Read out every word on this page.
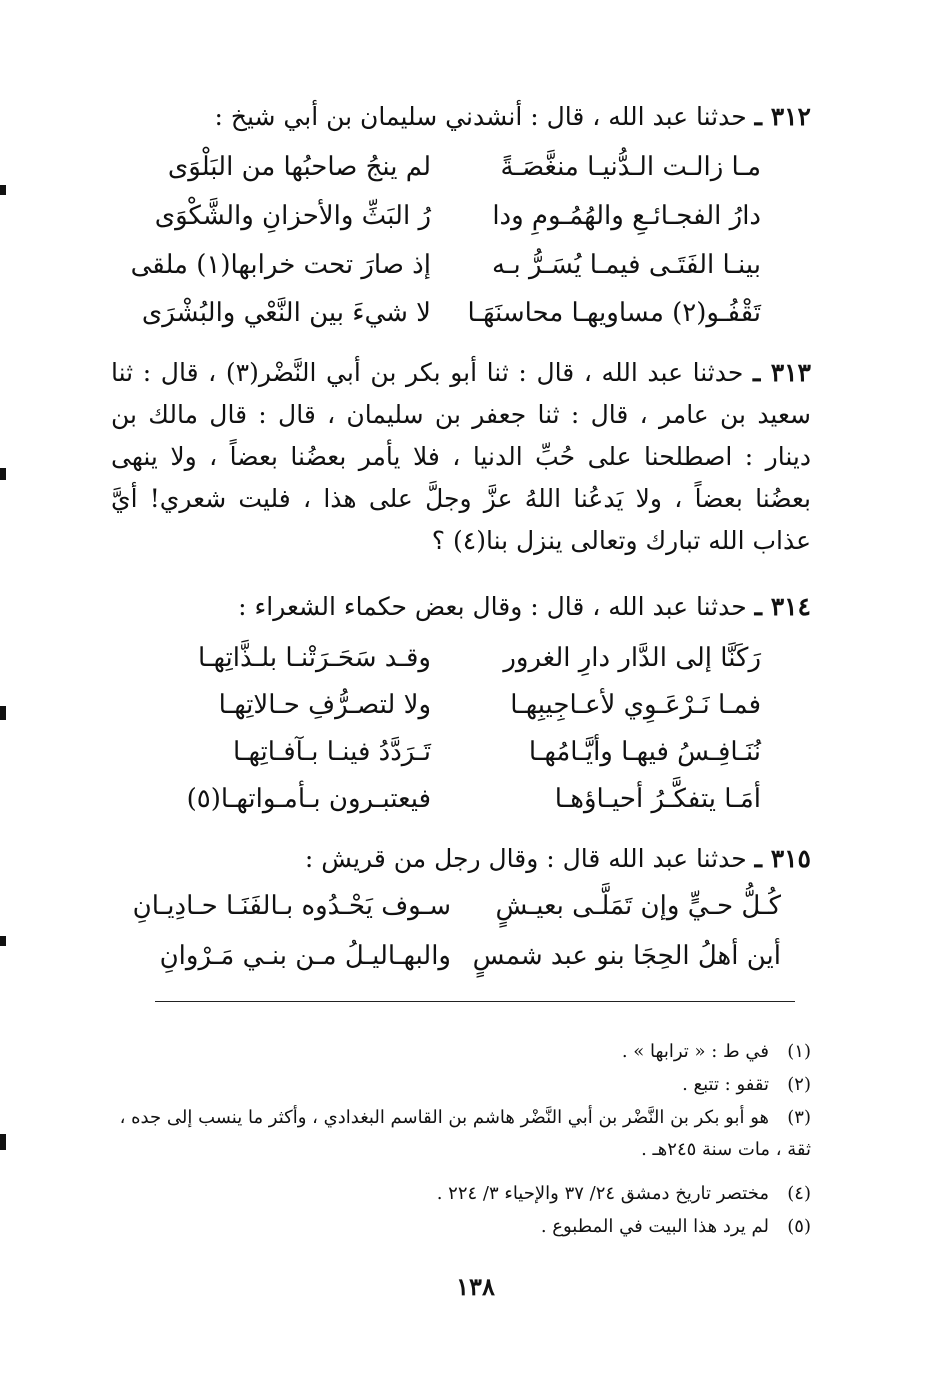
٣١٢ ـ حدثنا عبد الله ، قال : أنشدني سليمان بن أبي شيخ :
مـا زالـت الـدُّنيـا منغَّصَـةً
لم ينجُ صاحبُها من البَلْوَى
دارُ الفجـائـعِ والهُمُـومِ ودا
رُ البَثِّ والأحزانِ والشَّكْوَى
بينـا الفَتَـى فيمـا يُسَـرُّ بـه
إذ صارَ تحت خرابها(١) ملقى
تَقْفُـو(٢) مساويهـا محاسنَهَـا
لا شيءَ بين النَّعْي والبُشْرَى
٣١٣ ـ حدثنا عبد الله ، قال : ثنا أبو بكر بن أبي النَّضْر(٣) ، قال : ثنا سعيد بن عامر ، قال : ثنا جعفر بن سليمان ، قال : قال مالك بن دينار : اصطلحنا على حُبِّ الدنيا ، فلا يأمر بعضُنا بعضاً ، ولا ينهى بعضُنا بعضاً ، ولا يَدعُنا اللهُ عزَّ وجلَّ على هذا ، فليت شعري! أيَّ عذاب الله تبارك وتعالى ينزل بنا(٤) ؟
٣١٤ ـ حدثنا عبد الله ، قال : وقال بعض حكماء الشعراء :
رَكَنَّا إلى الدَّار دارِ الغرور
وقـد سَحَـرَتْنـا بلـذَّاتِهـا
فمـا نَـرْعَـوِي لأعـاجِيبِهـا
ولا لتصـرُّفِ حـالاتِهـا
نُنَـافِـسُ فيهـا وأيَّـامُهـا
تَـرَدَّدُ فينـا بـآفـاتِهـا
أمَـا يتفكَّـرُ أحيـاؤهـا
فيعتبـرون بـأمـواتهـا(٥)
٣١٥ ـ حدثنا عبد الله قال : وقال رجل من قريش :
كُـلُّ حـيٍّ وإن تَمَلَّـى بعيـشٍ
سـوف يَحْـدُوه بـالفَنَـا حـادِيـانِ
أين أهلُ الحِجَا بنو عبد شمسٍ
والبهـاليـلُ مـن بنـي مَـرْوانِ
(١)في ط : « ترابها » .
(٢)تقفو : تتبع .
(٣)هو أبو بكر بن النَّضْر بن أبي النَّضْر هاشم بن القاسم البغدادي ، وأكثر ما ينسب إلى جده ، ثقة ، مات سنة ٢٤٥هـ .
(٤)مختصر تاريخ دمشق ٢٤/ ٣٧ والإحياء ٣/ ٢٢٤ .
(٥)لم يرد هذا البيت في المطبوع .
١٣٨
